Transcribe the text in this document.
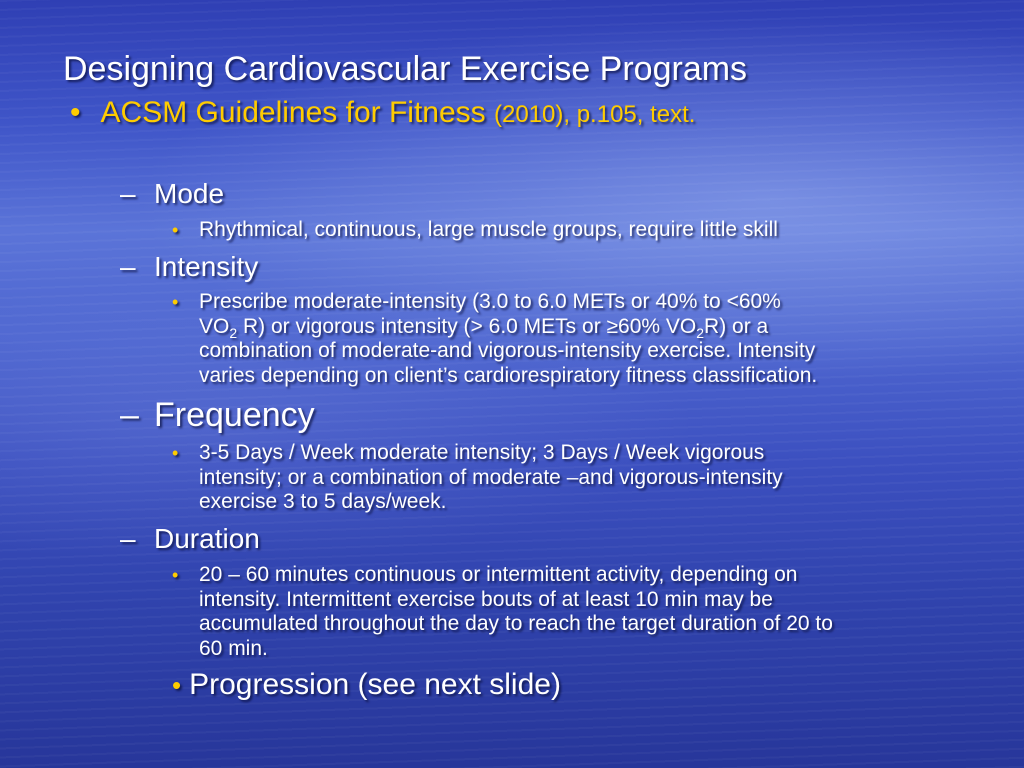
Designing Cardiovascular Exercise Programs
• ACSM Guidelines for Fitness (2010), p.105, text.
– Mode
• Rhythmical, continuous, large muscle groups, require little skill
– Intensity
• Prescribe moderate-intensity (3.0 to 6.0 METs or 40% to <60%
$VO_2$ R) or vigorous intensity (> 6.0 METs or ≥60% $VO_2R$) or a
combination of moderate-and vigorous-intensity exercise. Intensity
varies depending on client’s cardiorespiratory fitness classification.
– Frequency
• 3-5 Days / Week moderate intensity; 3 Days / Week vigorous
intensity; or a combination of moderate –and vigorous-intensity
exercise 3 to 5 days/week.
– Duration
• 20 – 60 minutes continuous or intermittent activity, depending on
intensity. Intermittent exercise bouts of at least 10 min may be
accumulated throughout the day to reach the target duration of 20 to
60 min.
• Progression (see next slide)
